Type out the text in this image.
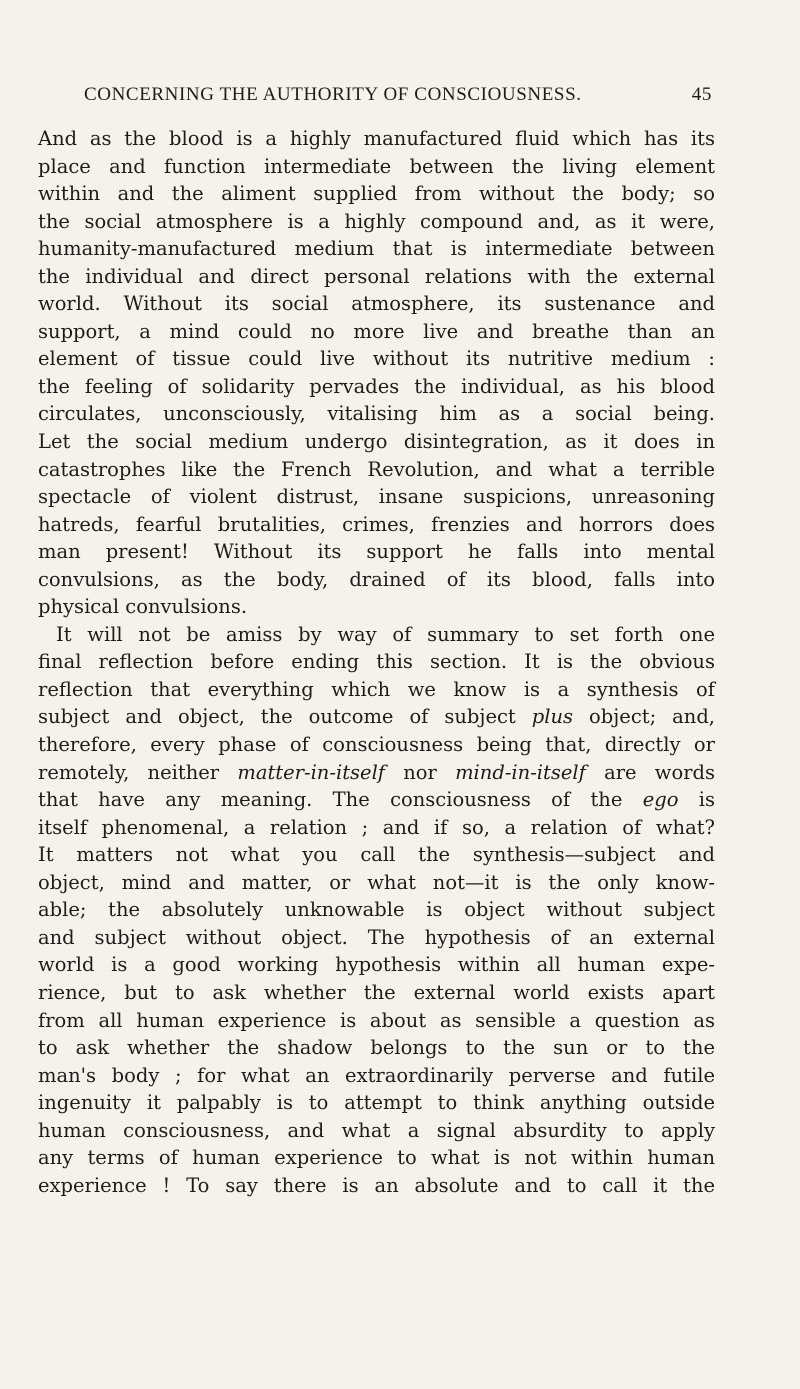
CONCERNING THE AUTHORITY OF CONSCIOUSNESS.	45
And as the blood is a highly manufactured fluid which has its
place and function intermediate between the living element
within and the aliment supplied from without the body; so
the social atmosphere is a highly compound and, as it were,
humanity-manufactured medium that is intermediate between
the individual and direct personal relations with the external
world. Without its social atmosphere, its sustenance and
support, a mind could no more live and breathe than an
element of tissue could live without its nutritive medium :
the feeling of solidarity pervades the individual, as his blood
circulates, unconsciously, vitalising him as a social being.
Let the social medium undergo disintegration, as it does in
catastrophes like the French Revolution, and what a terrible
spectacle of violent distrust, insane suspicions, unreasoning
hatreds, fearful brutalities, crimes, frenzies and horrors does
man present! Without its support he falls into mental
convulsions, as the body, drained of its blood, falls into
physical convulsions.
It will not be amiss by way of summary to set forth one
final reflection before ending this section. It is the obvious
reflection that everything which we know is a synthesis of
subject and object, the outcome of subject plus object; and,
therefore, every phase of consciousness being that, directly or
remotely, neither matter-in-itself nor mind-in-itself are words
that have any meaning. The consciousness of the ego is
itself phenomenal, a relation ; and if so, a relation of what?
It matters not what you call the synthesis—subject and
object, mind and matter, or what not—it is the only know-
able; the absolutely unknowable is object without subject
and subject without object. The hypothesis of an external
world is a good working hypothesis within all human expe-
rience, but to ask whether the external world exists apart
from all human experience is about as sensible a question as
to ask whether the shadow belongs to the sun or to the
man's body ; for what an extraordinarily perverse and futile
ingenuity it palpably is to attempt to think anything outside
human consciousness, and what a signal absurdity to apply
any terms of human experience to what is not within human
experience ! To say there is an absolute and to call it the
